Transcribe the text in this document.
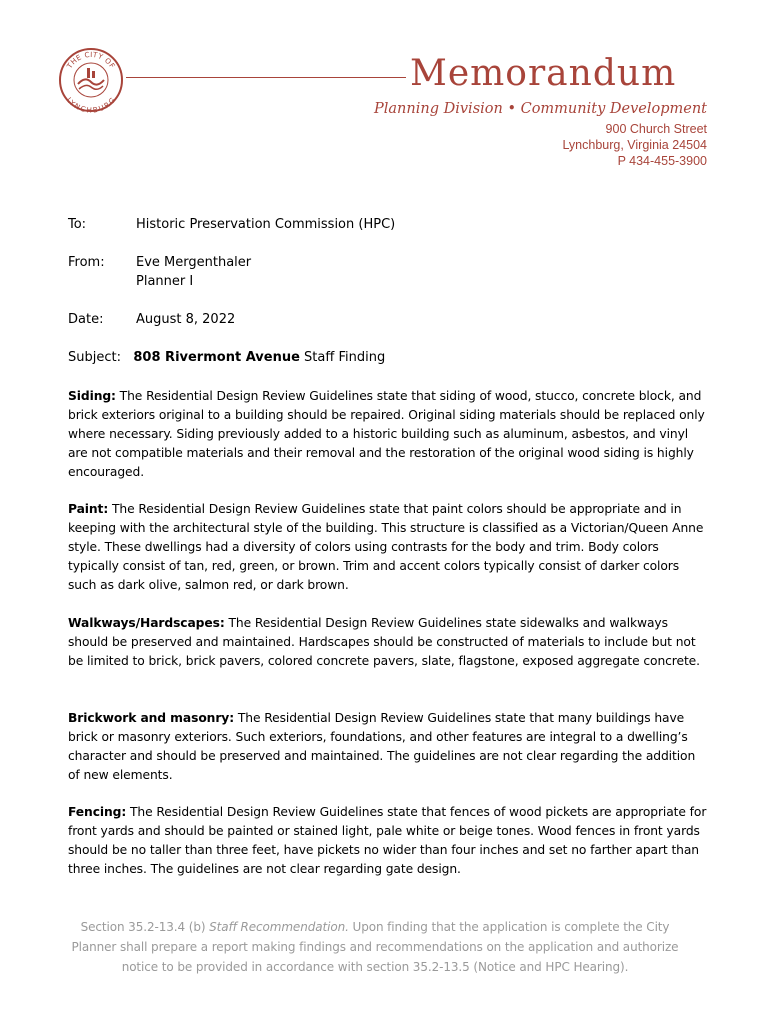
THE CITY OF
LYNCHBURG
Memorandum
Planning Division • Community Development
900 Church Street
Lynchburg, Virginia 24504
P 434-455-3900
To:	Historic Preservation Commission (HPC)
From: Eve Mergenthaler
Planner I
Date:	August 8, 2022
Subject: 808 Rivermont Avenue Staff Finding
Siding: The Residential Design Review Guidelines state that siding of wood, stucco, concrete block, and brick exteriors original to a building should be repaired. Original siding materials should be replaced only where necessary. Siding previously added to a historic building such as aluminum, asbestos, and vinyl are not compatible materials and their removal and the restoration of the original wood siding is highly encouraged.
Paint: The Residential Design Review Guidelines state that paint colors should be appropriate and in keeping with the architectural style of the building. This structure is classified as a Victorian/Queen Anne style. These dwellings had a diversity of colors using contrasts for the body and trim. Body colors typically consist of tan, red, green, or brown. Trim and accent colors typically consist of darker colors such as dark olive, salmon red, or dark brown.
Walkways/Hardscapes: The Residential Design Review Guidelines state sidewalks and walkways should be preserved and maintained. Hardscapes should be constructed of materials to include but not be limited to brick, brick pavers, colored concrete pavers, slate, flagstone, exposed aggregate concrete.
Brickwork and masonry: The Residential Design Review Guidelines state that many buildings have brick or masonry exteriors. Such exteriors, foundations, and other features are integral to a dwelling’s character and should be preserved and maintained. The guidelines are not clear regarding the addition of new elements.
Fencing: The Residential Design Review Guidelines state that fences of wood pickets are appropriate for front yards and should be painted or stained light, pale white or beige tones. Wood fences in front yards should be no taller than three feet, have pickets no wider than four inches and set no farther apart than three inches. The guidelines are not clear regarding gate design.
Section 35.2-13.4 (b) Staff Recommendation. Upon finding that the application is complete the City Planner shall prepare a report making findings and recommendations on the application and authorize notice to be provided in accordance with section 35.2-13.5 (Notice and HPC Hearing).
